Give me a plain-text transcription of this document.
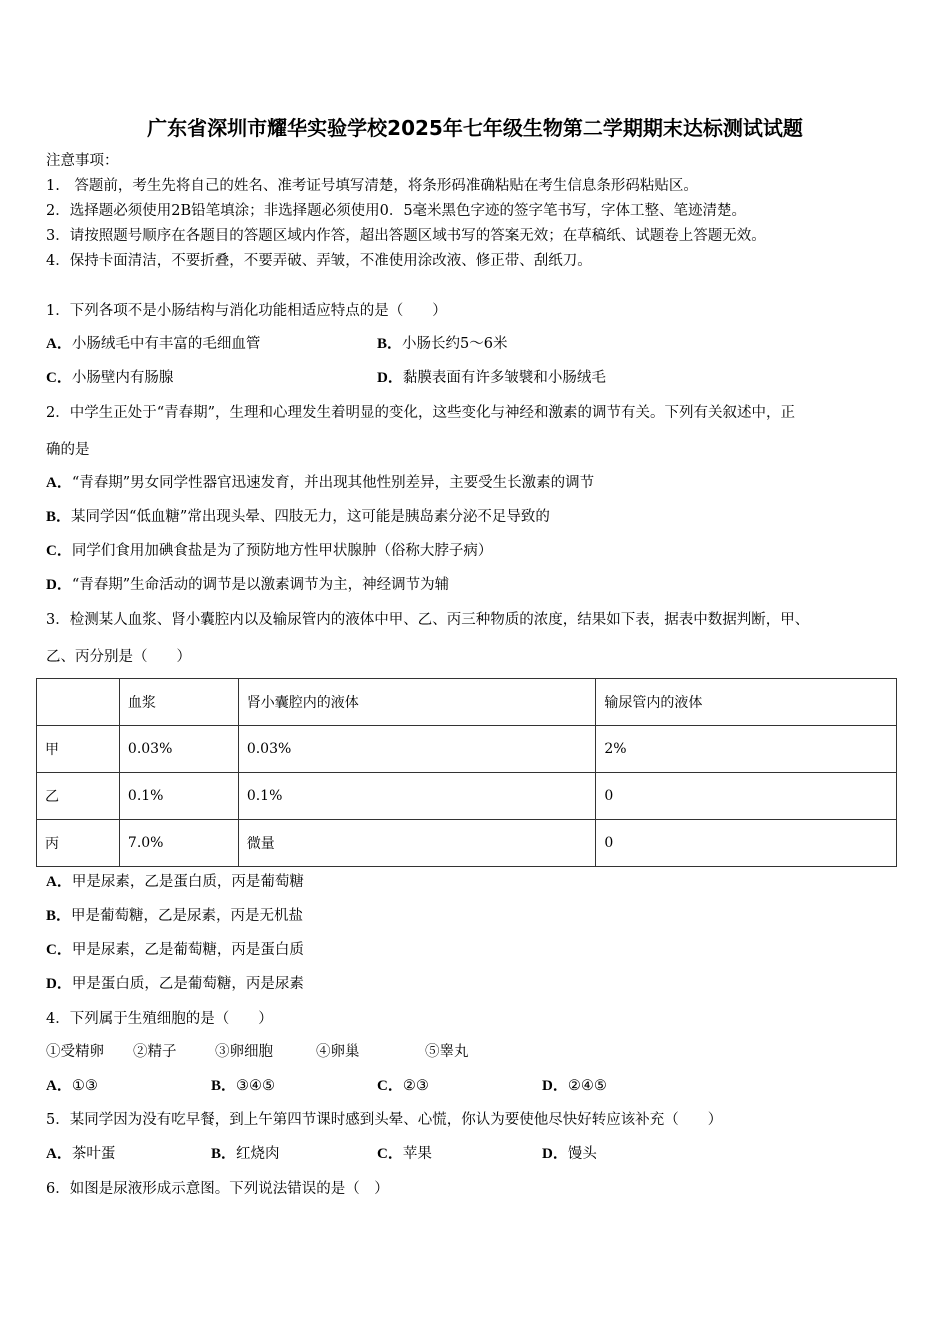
广东省深圳市耀华实验学校2025年七年级生物第二学期期末达标测试试题
注意事项：
1.　答题前，考生先将自己的姓名、准考证号填写清楚，将条形码准确粘贴在考生信息条形码粘贴区。
2．选择题必须使用2B铅笔填涂；非选择题必须使用0．5毫米黑色字迹的签字笔书写，字体工整、笔迹清楚。
3．请按照题号顺序在各题目的答题区域内作答，超出答题区域书写的答案无效；在草稿纸、试题卷上答题无效。
4．保持卡面清洁，不要折叠，不要弄破、弄皱，不准使用涂改液、修正带、刮纸刀。
1．下列各项不是小肠结构与消化功能相适应特点的是（　　）
A．小肠绒毛中有丰富的毛细血管	B．小肠长约5～6米
C．小肠壁内有肠腺	D．黏膜表面有许多皱襞和小肠绒毛
2．中学生正处于“青春期”，生理和心理发生着明显的变化，这些变化与神经和激素的调节有关。下列有关叙述中，正
确的是
A．“青春期”男女同学性器官迅速发育，并出现其他性别差异，主要受生长激素的调节
B．某同学因“低血糖”常出现头晕、四肢无力，这可能是胰岛素分泌不足导致的
C．同学们食用加碘食盐是为了预防地方性甲状腺肿（俗称大脖子病）
D．“青春期”生命活动的调节是以激素调节为主，神经调节为辅
3．检测某人血浆、肾小囊腔内以及输尿管内的液体中甲、乙、丙三种物质的浓度，结果如下表，据表中数据判断，甲、
乙、丙分别是（　　）
	血浆	肾小囊腔内的液体	输尿管内的液体
甲	0.03%	0.03%	2%
乙	0.1%	0.1%	0
丙	7.0%	微量	0
A．甲是尿素，乙是蛋白质，丙是葡萄糖
B．甲是葡萄糖，乙是尿素，丙是无机盐
C．甲是尿素，乙是葡萄糖，丙是蛋白质
D．甲是蛋白质，乙是葡萄糖，丙是尿素
4．下列属于生殖细胞的是（　　）
①受精卵 ②精子	③卵细胞	④卵巢	⑤睾丸
A．①③	B．③④⑤	C．②③	D．②④⑤
5．某同学因为没有吃早餐，到上午第四节课时感到头晕、心慌，你认为要使他尽快好转应该补充（　　）
A．茶叶蛋	B．红烧肉	C．苹果	D．馒头
6．如图是尿液形成示意图。下列说法错误的是（　）
